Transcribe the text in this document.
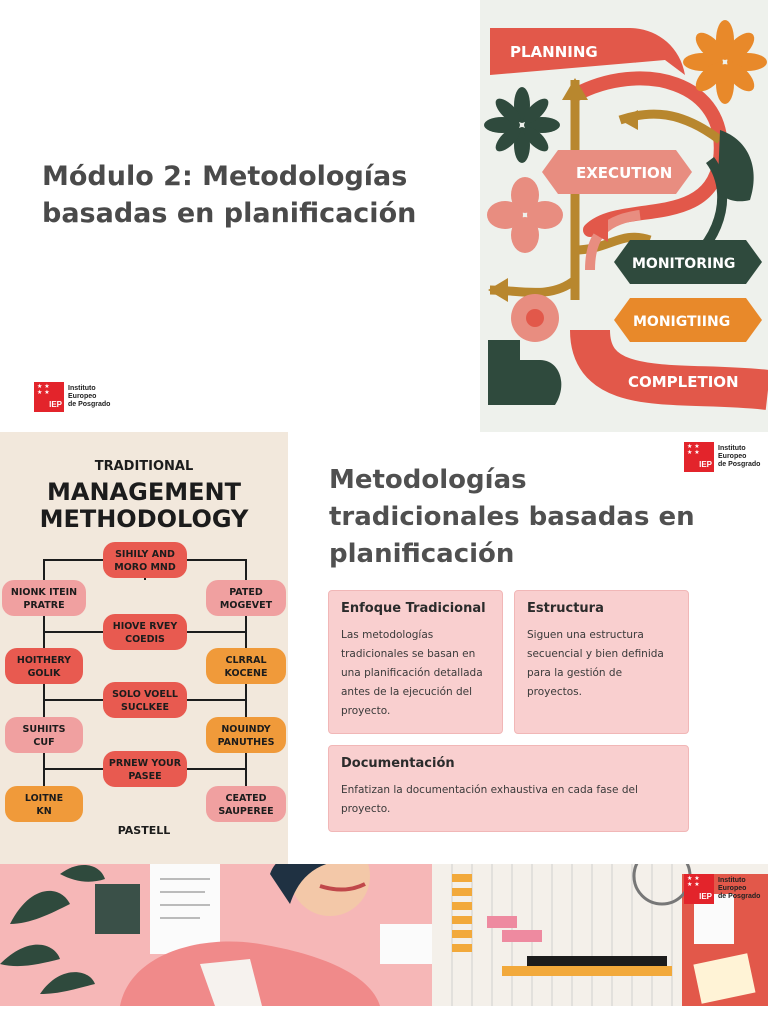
Módulo 2: Metodologías basadas en planificación
★ ★
★ ★
IEP
Instituto
Europeo
de Posgrado
PLANNING
EXECUTION
MONITORING
MONIGTIING
COMPLETION
TRADITIONAL
MANAGEMENT
METHODOLOGY
SIHILY AND
MORO MND
NIONK ITEIN
PRATRE
PATED
MOGEVET
HIOVE RVEY
COEDIS
HOITHERY
GOLIK
CLRRAL
KOCENE
SOLO VOELL
SUCLKEE
SUHIITS
CUF
NOUINDY
PANUTHES
PRNEW YOUR
PASEE
LOITNE
KN
CEATED
SAUPEREE
PASTELL
Metodologías tradicionales basadas en planificación
★ ★
★ ★
IEP
Instituto
Europeo
de Posgrado
Enfoque Tradicional
Las metodologías tradicionales se basan en una planificación detallada antes de la ejecución del proyecto.
Estructura
Siguen una estructura secuencial y bien definida para la gestión de proyectos.
Documentación
Enfatizan la documentación exhaustiva en cada fase del proyecto.
★ ★
★ ★
IEP
Instituto
Europeo
de Posgrado
